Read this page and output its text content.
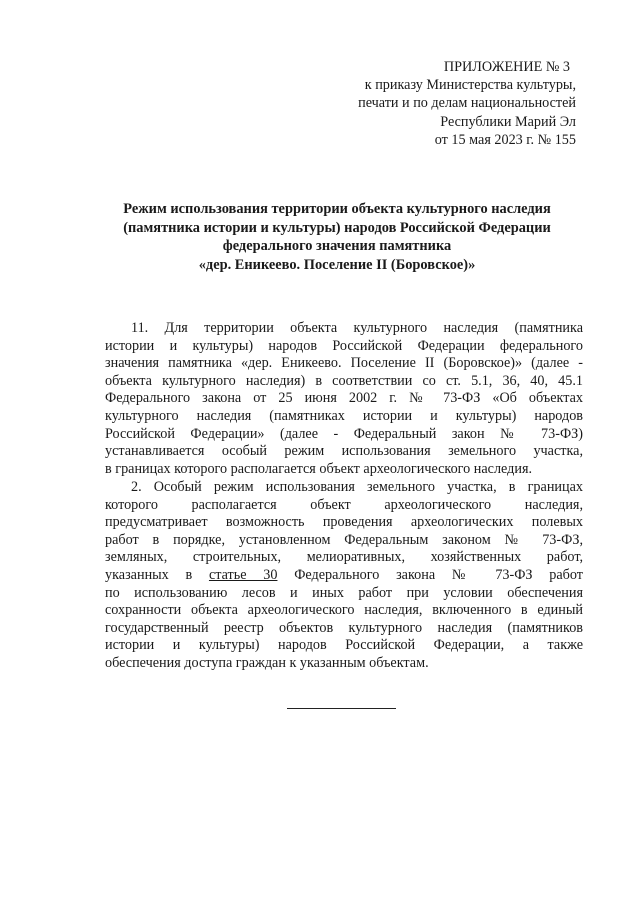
ПРИЛОЖЕНИЕ № 3
к приказу Министерства культуры,
печати и по делам национальностей
Республики Марий Эл
от 15 мая 2023 г. № 155
Режим использования территории объекта культурного наследия
(памятника истории и культуры) народов Российской Федерации
федерального значения памятника
«дер. Еникеево. Поселение II (Боровское)»
11. Для территории объекта культурного наследия (памятника
истории и культуры) народов Российской Федерации федерального
значения памятника «дер. Еникеево. Поселение II (Боровское)» (далее -
объекта культурного наследия) в соответствии со ст. 5.1, 36, 40, 45.1
Федерального закона от 25 июня 2002 г. № 73-ФЗ «Об объектах
культурного наследия (памятниках истории и культуры) народов
Российской Федерации» (далее - Федеральный закон № 73-ФЗ)
устанавливается особый режим использования земельного участка,
в границах которого располагается объект археологического наследия.
2. Особый режим использования земельного участка, в границах
которого располагается объект археологического наследия,
предусматривает возможность проведения археологических полевых
работ в порядке, установленном Федеральным законом № 73-ФЗ,
земляных, строительных, мелиоративных, хозяйственных работ,
указанных в статье 30 Федерального закона № 73-ФЗ работ
по использованию лесов и иных работ при условии обеспечения
сохранности объекта археологического наследия, включенного в единый
государственный реестр объектов культурного наследия (памятников
истории и культуры) народов Российской Федерации, а также
обеспечения доступа граждан к указанным объектам.
